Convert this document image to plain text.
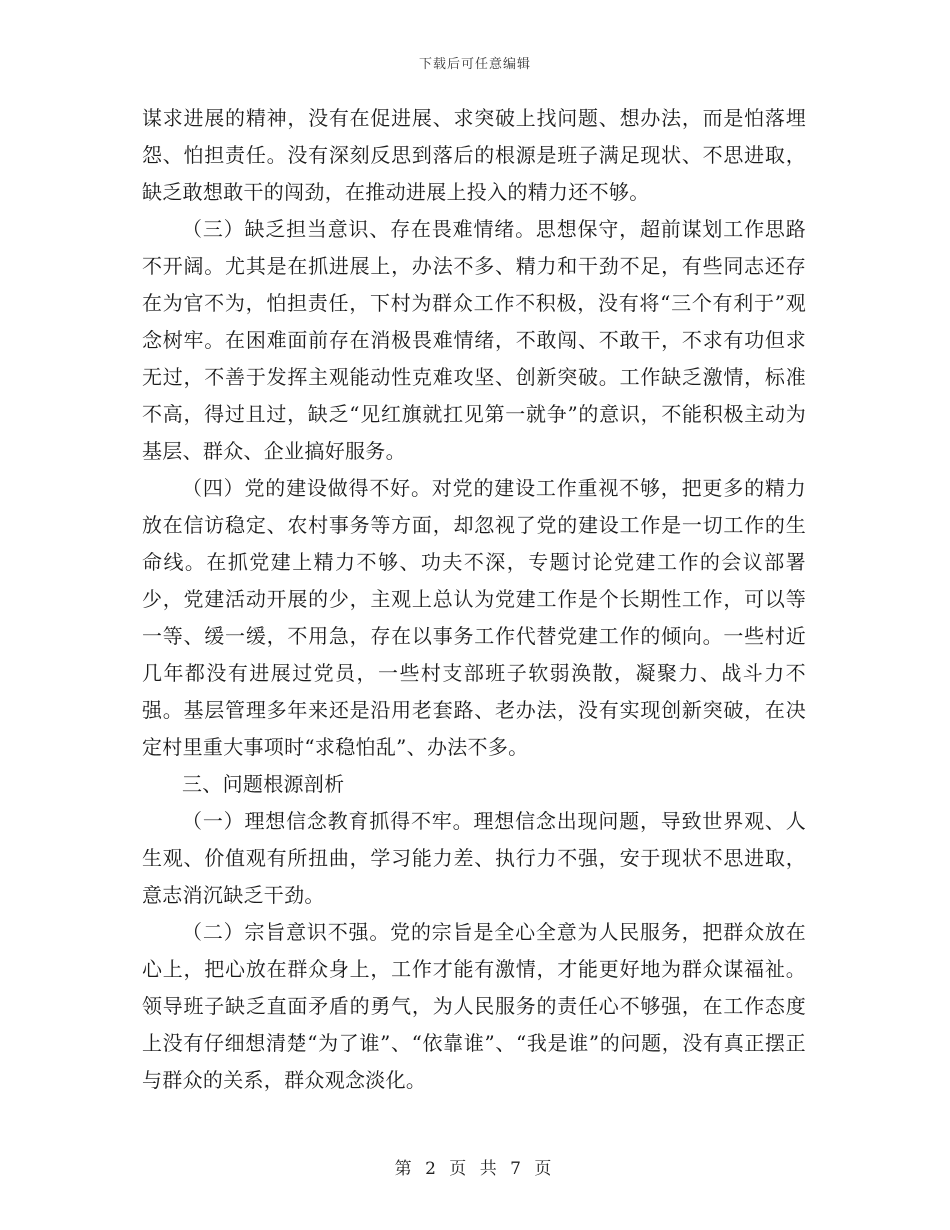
下载后可任意编辑

谋求进展的精神，没有在促进展、求突破上找问题、想办法，而是怕落埋怨、怕担责任。没有深刻反思到落后的根源是班子满足现状、不思进取，缺乏敢想敢干的闯劲，在推动进展上投入的精力还不够。

（三）缺乏担当意识、存在畏难情绪。思想保守，超前谋划工作思路不开阔。尤其是在抓进展上，办法不多、精力和干劲不足，有些同志还存在为官不为，怕担责任，下村为群众工作不积极，没有将“三个有利于”观念树牢。在困难面前存在消极畏难情绪，不敢闯、不敢干，不求有功但求无过，不善于发挥主观能动性克难攻坚、创新突破。工作缺乏激情，标准不高，得过且过，缺乏“见红旗就扛见第一就争”的意识，不能积极主动为基层、群众、企业搞好服务。

（四）党的建设做得不好。对党的建设工作重视不够，把更多的精力放在信访稳定、农村事务等方面，却忽视了党的建设工作是一切工作的生命线。在抓党建上精力不够、功夫不深，专题讨论党建工作的会议部署少，党建活动开展的少，主观上总认为党建工作是个长期性工作，可以等一等、缓一缓，不用急，存在以事务工作代替党建工作的倾向。一些村近几年都没有进展过党员，一些村支部班子软弱涣散，凝聚力、战斗力不强。基层管理多年来还是沿用老套路、老办法，没有实现创新突破，在决定村里重大事项时“求稳怕乱”、办法不多。

三、问题根源剖析

（一）理想信念教育抓得不牢。理想信念出现问题，导致世界观、人生观、价值观有所扭曲，学习能力差、执行力不强，安于现状不思进取，意志消沉缺乏干劲。

（二）宗旨意识不强。党的宗旨是全心全意为人民服务，把群众放在心上，把心放在群众身上，工作才能有激情，才能更好地为群众谋福祉。领导班子缺乏直面矛盾的勇气，为人民服务的责任心不够强，在工作态度上没有仔细想清楚“为了谁”、“依靠谁”、“我是谁”的问题，没有真正摆正与群众的关系，群众观念淡化。

第 2 页 共 7 页
